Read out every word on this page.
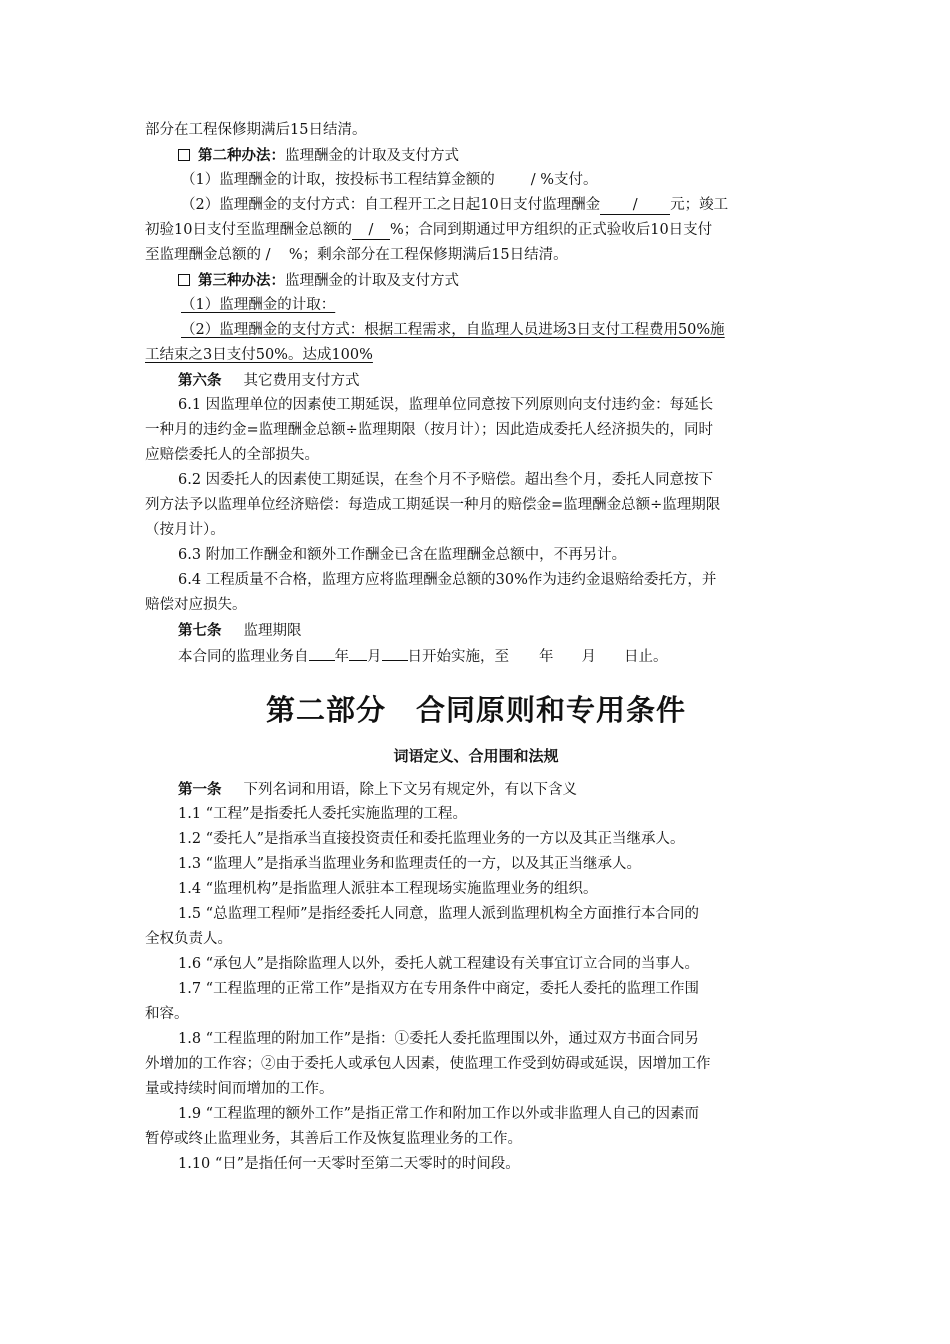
部分在工程保修期满后15日结清。
第二种办法：监理酬金的计取及支付方式
（1）监理酬金的计取，按投标书工程结算金额的 / %支付。
（2）监理酬金的支付方式：自工程开工之日起10日支付监理酬金 / 元；竣工
初验10日支付至监理酬金总额的 / %；合同到期通过甲方组织的正式验收后10日支付
至监理酬金总额的 /    %；剩余部分在工程保修期满后15日结清。
第三种办法：监理酬金的计取及支付方式
（1）监理酬金的计取：
（2）监理酬金的支付方式：根据工程需求，自监理人员进场3日支付工程费用50%施
工结束之3日支付50%。达成100%
第六条 其它费用支付方式
6.1 因监理单位的因素使工期延误，监理单位同意按下列原则向支付违约金：每延长
一种月的违约金=监理酬金总额÷监理期限（按月计）；因此造成委托人经济损失的，同时
应赔偿委托人的全部损失。
6.2 因委托人的因素使工期延误，在叁个月不予赔偿。超出叁个月，委托人同意按下
列方法予以监理单位经济赔偿：每造成工期延误一种月的赔偿金=监理酬金总额÷监理期限
（按月计）。
6.3 附加工作酬金和额外工作酬金已含在监理酬金总额中，不再另计。
6.4 工程质量不合格，监理方应将监理酬金总额的30%作为违约金退赔给委托方，并
赔偿对应损失。
第七条 监理期限
本合同的监理业务自 年 月 日开始实施，至 年 月 日止。
第二部分　合同原则和专用条件
词语定义、合用围和法规
第一条 下列名词和用语，除上下文另有规定外，有以下含义
1.1 “工程”是指委托人委托实施监理的工程。
1.2 “委托人”是指承当直接投资责任和委托监理业务的一方以及其正当继承人。
1.3 “监理人”是指承当监理业务和监理责任的一方，以及其正当继承人。
1.4 “监理机构”是指监理人派驻本工程现场实施监理业务的组织。
1.5 “总监理工程师”是指经委托人同意，监理人派到监理机构全方面推行本合同的
全权负责人。
1.6 “承包人”是指除监理人以外，委托人就工程建设有关事宜订立合同的当事人。
1.7 “工程监理的正常工作”是指双方在专用条件中商定，委托人委托的监理工作围
和容。
1.8 “工程监理的附加工作”是指：①委托人委托监理围以外，通过双方书面合同另
外增加的工作容；②由于委托人或承包人因素，使监理工作受到妨碍或延误，因增加工作
量或持续时间而增加的工作。
1.9 “工程监理的额外工作”是指正常工作和附加工作以外或非监理人自己的因素而
暂停或终止监理业务，其善后工作及恢复监理业务的工作。
1.10 “日”是指任何一天零时至第二天零时的时间段。
